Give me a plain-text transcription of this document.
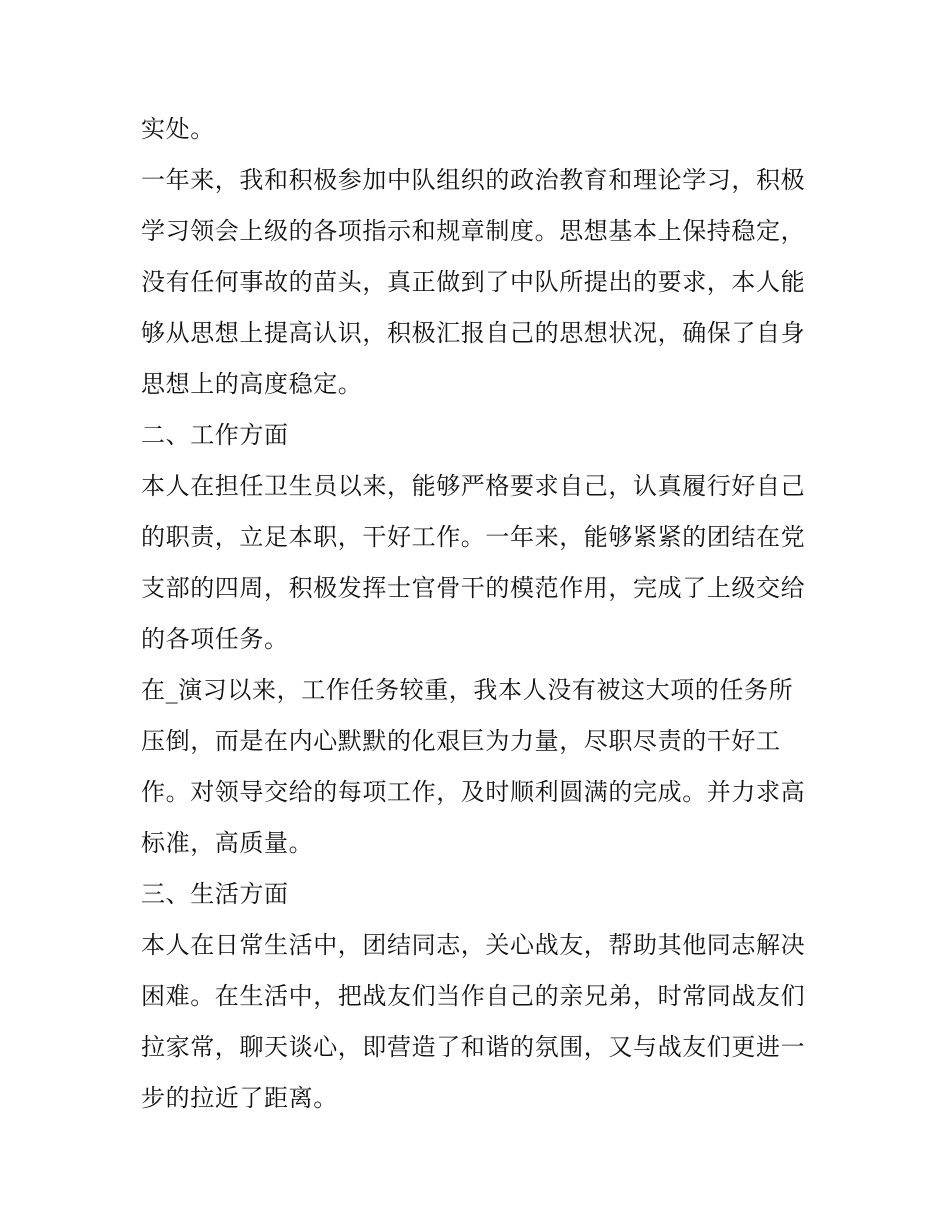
实处。
一年来，我和积极参加中队组织的政治教育和理论学习，积极
学习领会上级的各项指示和规章制度。思想基本上保持稳定，
没有任何事故的苗头，真正做到了中队所提出的要求，本人能
够从思想上提高认识，积极汇报自己的思想状况，确保了自身
思想上的高度稳定。
二、工作方面
本人在担任卫生员以来，能够严格要求自己，认真履行好自己
的职责，立足本职，干好工作。一年来，能够紧紧的团结在党
支部的四周，积极发挥士官骨干的模范作用，完成了上级交给
的各项任务。
在_演习以来，工作任务较重，我本人没有被这大项的任务所
压倒，而是在内心默默的化艰巨为力量，尽职尽责的干好工
作。对领导交给的每项工作，及时顺利圆满的完成。并力求高
标准，高质量。
三、生活方面
本人在日常生活中，团结同志，关心战友，帮助其他同志解决
困难。在生活中，把战友们当作自己的亲兄弟，时常同战友们
拉家常，聊天谈心，即营造了和谐的氛围，又与战友们更进一
步的拉近了距离。
